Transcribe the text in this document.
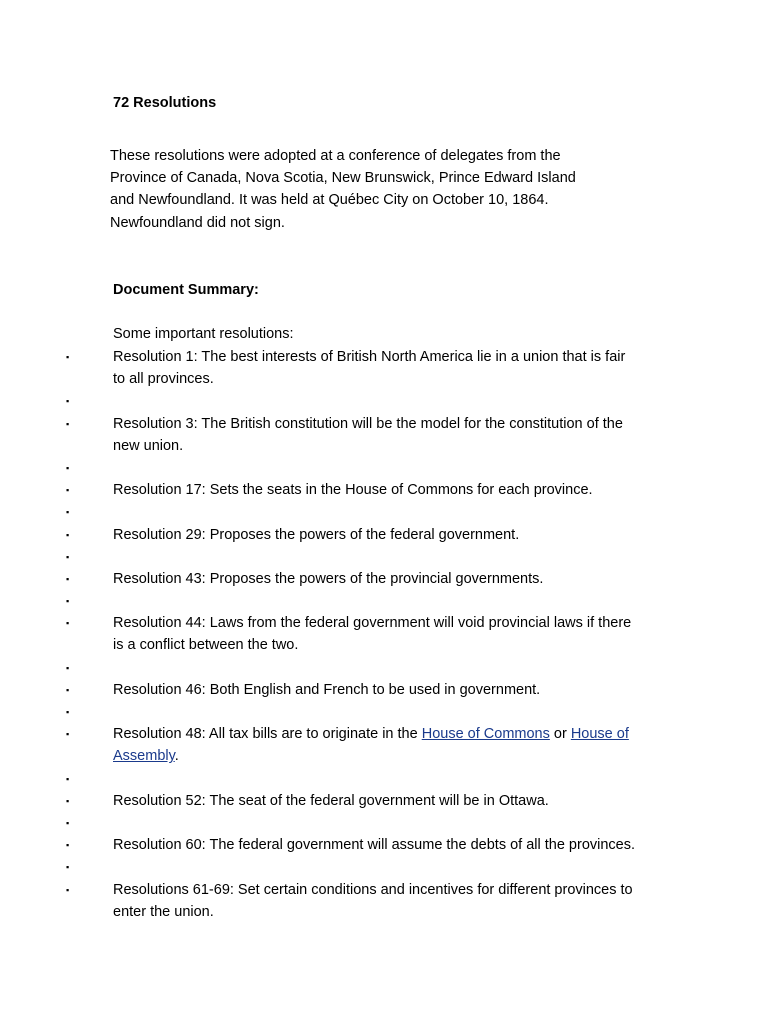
72 Resolutions

These resolutions were adopted at a conference of delegates from the
Province of Canada, Nova Scotia, New Brunswick, Prince Edward Island
and Newfoundland. It was held at Québec City on October 10, 1864.
Newfoundland did not sign.

Document Summary:

Some important resolutions:

▪	Resolution 1: The best interests of British North America lie in a union that is fair
to all provinces.
▪
▪	Resolution 3: The British constitution will be the model for the constitution of the
new union.
▪
▪	Resolution 17: Sets the seats in the House of Commons for each province.
▪
▪	Resolution 29: Proposes the powers of the federal government.
▪
▪	Resolution 43: Proposes the powers of the provincial governments.
▪
▪	Resolution 44: Laws from the federal government will void provincial laws if there
is a conflict between the two.
▪
▪	Resolution 46: Both English and French to be used in government.
▪
▪	Resolution 48: All tax bills are to originate in the House of Commons or House of
Assembly.
▪
▪	Resolution 52: The seat of the federal government will be in Ottawa.
▪
▪	Resolution 60: The federal government will assume the debts of all the provinces.
▪
▪	Resolutions 61-69: Set certain conditions and incentives for different provinces to
enter the union.
